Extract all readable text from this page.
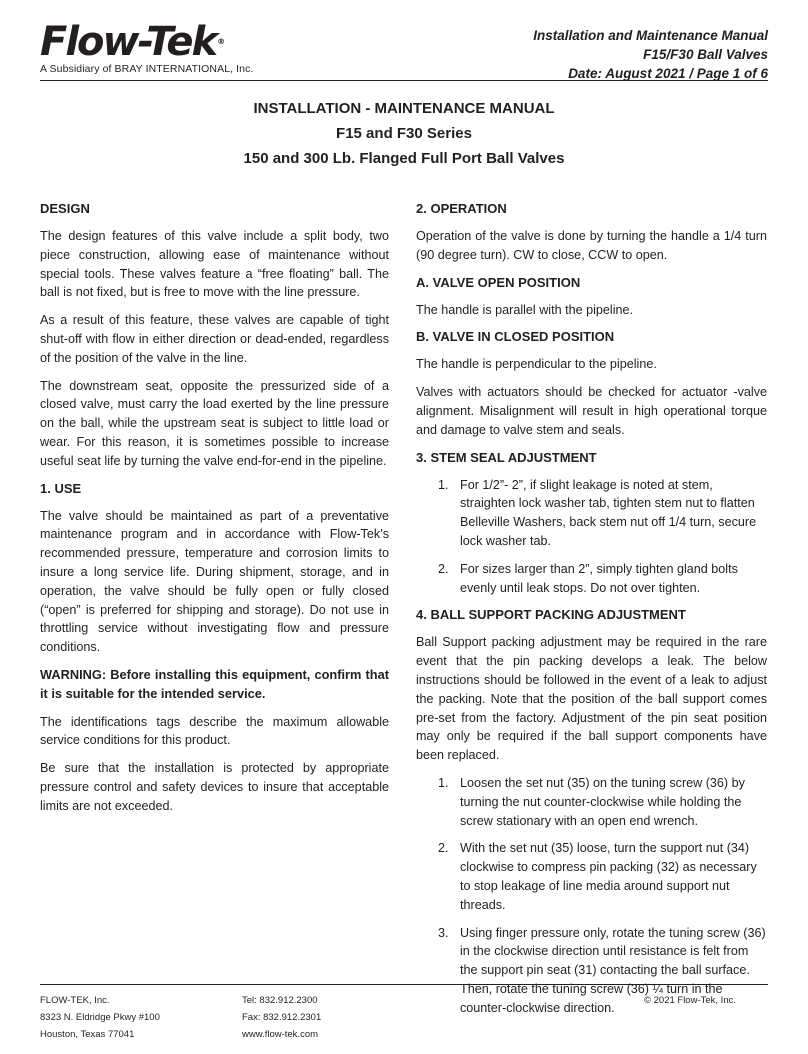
Flow-Tek®
A Subsidiary of BRAY INTERNATIONAL, Inc.
Installation and Maintenance Manual
F15/F30 Ball Valves
Date: August 2021 / Page 1 of 6
INSTALLATION - MAINTENANCE MANUAL
F15 and F30 Series
150 and 300 Lb. Flanged Full Port Ball Valves
DESIGN

The design features of this valve include a split body, two piece construction, allowing ease of maintenance without special tools. These valves feature a “free floating” ball. The ball is not fixed, but is free to move with the line pressure.

As a result of this feature, these valves are capable of tight shut-off with flow in either direction or dead-ended, regardless of the position of the valve in the line.

The downstream seat, opposite the pressurized side of a closed valve, must carry the load exerted by the line pressure on the ball, while the upstream seat is subject to little load or wear. For this reason, it is sometimes possible to increase useful seat life by turning the valve end-for-end in the pipeline.

1. USE

The valve should be maintained as part of a preventative maintenance program and in accordance with Flow-Tek’s recommended pressure, temperature and corrosion limits to insure a long service life. During shipment, storage, and in operation, the valve should be fully open or fully closed (“open” is preferred for shipping and storage). Do not use in throttling service without investigating flow and pressure conditions.

WARNING: Before installing this equipment, confirm that it is suitable for the intended service.

The identifications tags describe the maximum allowable service conditions for this product.

Be sure that the installation is protected by appropriate pressure control and safety devices to insure that acceptable limits are not exceeded.

2. OPERATION

Operation of the valve is done by turning the handle a 1/4 turn (90 degree turn). CW to close, CCW to open.

A. VALVE OPEN POSITION

The handle is parallel with the pipeline.

B. VALVE IN CLOSED POSITION

The handle is perpendicular to the pipeline.

Valves with actuators should be checked for actuator -valve alignment. Misalignment will result in high operational torque and damage to valve stem and seals.

3. STEM SEAL ADJUSTMENT
1. For 1/2”- 2”, if slight leakage is noted at stem, straighten lock washer tab, tighten stem nut to flatten Belleville Washers, back stem nut off 1/4 turn, secure lock washer tab.
2. For sizes larger than 2”, simply tighten gland bolts evenly until leak stops. Do not over tighten.
4. BALL SUPPORT PACKING ADJUSTMENT

Ball Support packing adjustment may be required in the rare event that the pin packing develops a leak. The below instructions should be followed in the event of a leak to adjust the packing. Note that the position of the ball support comes pre-set from the factory. Adjustment of the pin seat position may only be required if the ball support components have been replaced.

1. Loosen the set nut (35) on the tuning screw (36) by turning the nut counter-clockwise while holding the screw stationary with an open end wrench.
2. With the set nut (35) loose, turn the support nut (34) clockwise to compress pin packing (32) as necessary to stop leakage of line media around support nut threads.
3. Using finger pressure only, rotate the tuning screw (36) in the clockwise direction until resistance is felt from the support pin seat (31) contacting the ball surface. Then, rotate the tuning screw (36) ¼ turn in the counter-clockwise direction.
FLOW-TEK, Inc.
8323 N. Eldridge Pkwy #100
Houston, Texas 77041
Tel: 832.912.2300
Fax: 832.912.2301
www.flow-tek.com
© 2021 Flow-Tek, Inc.
